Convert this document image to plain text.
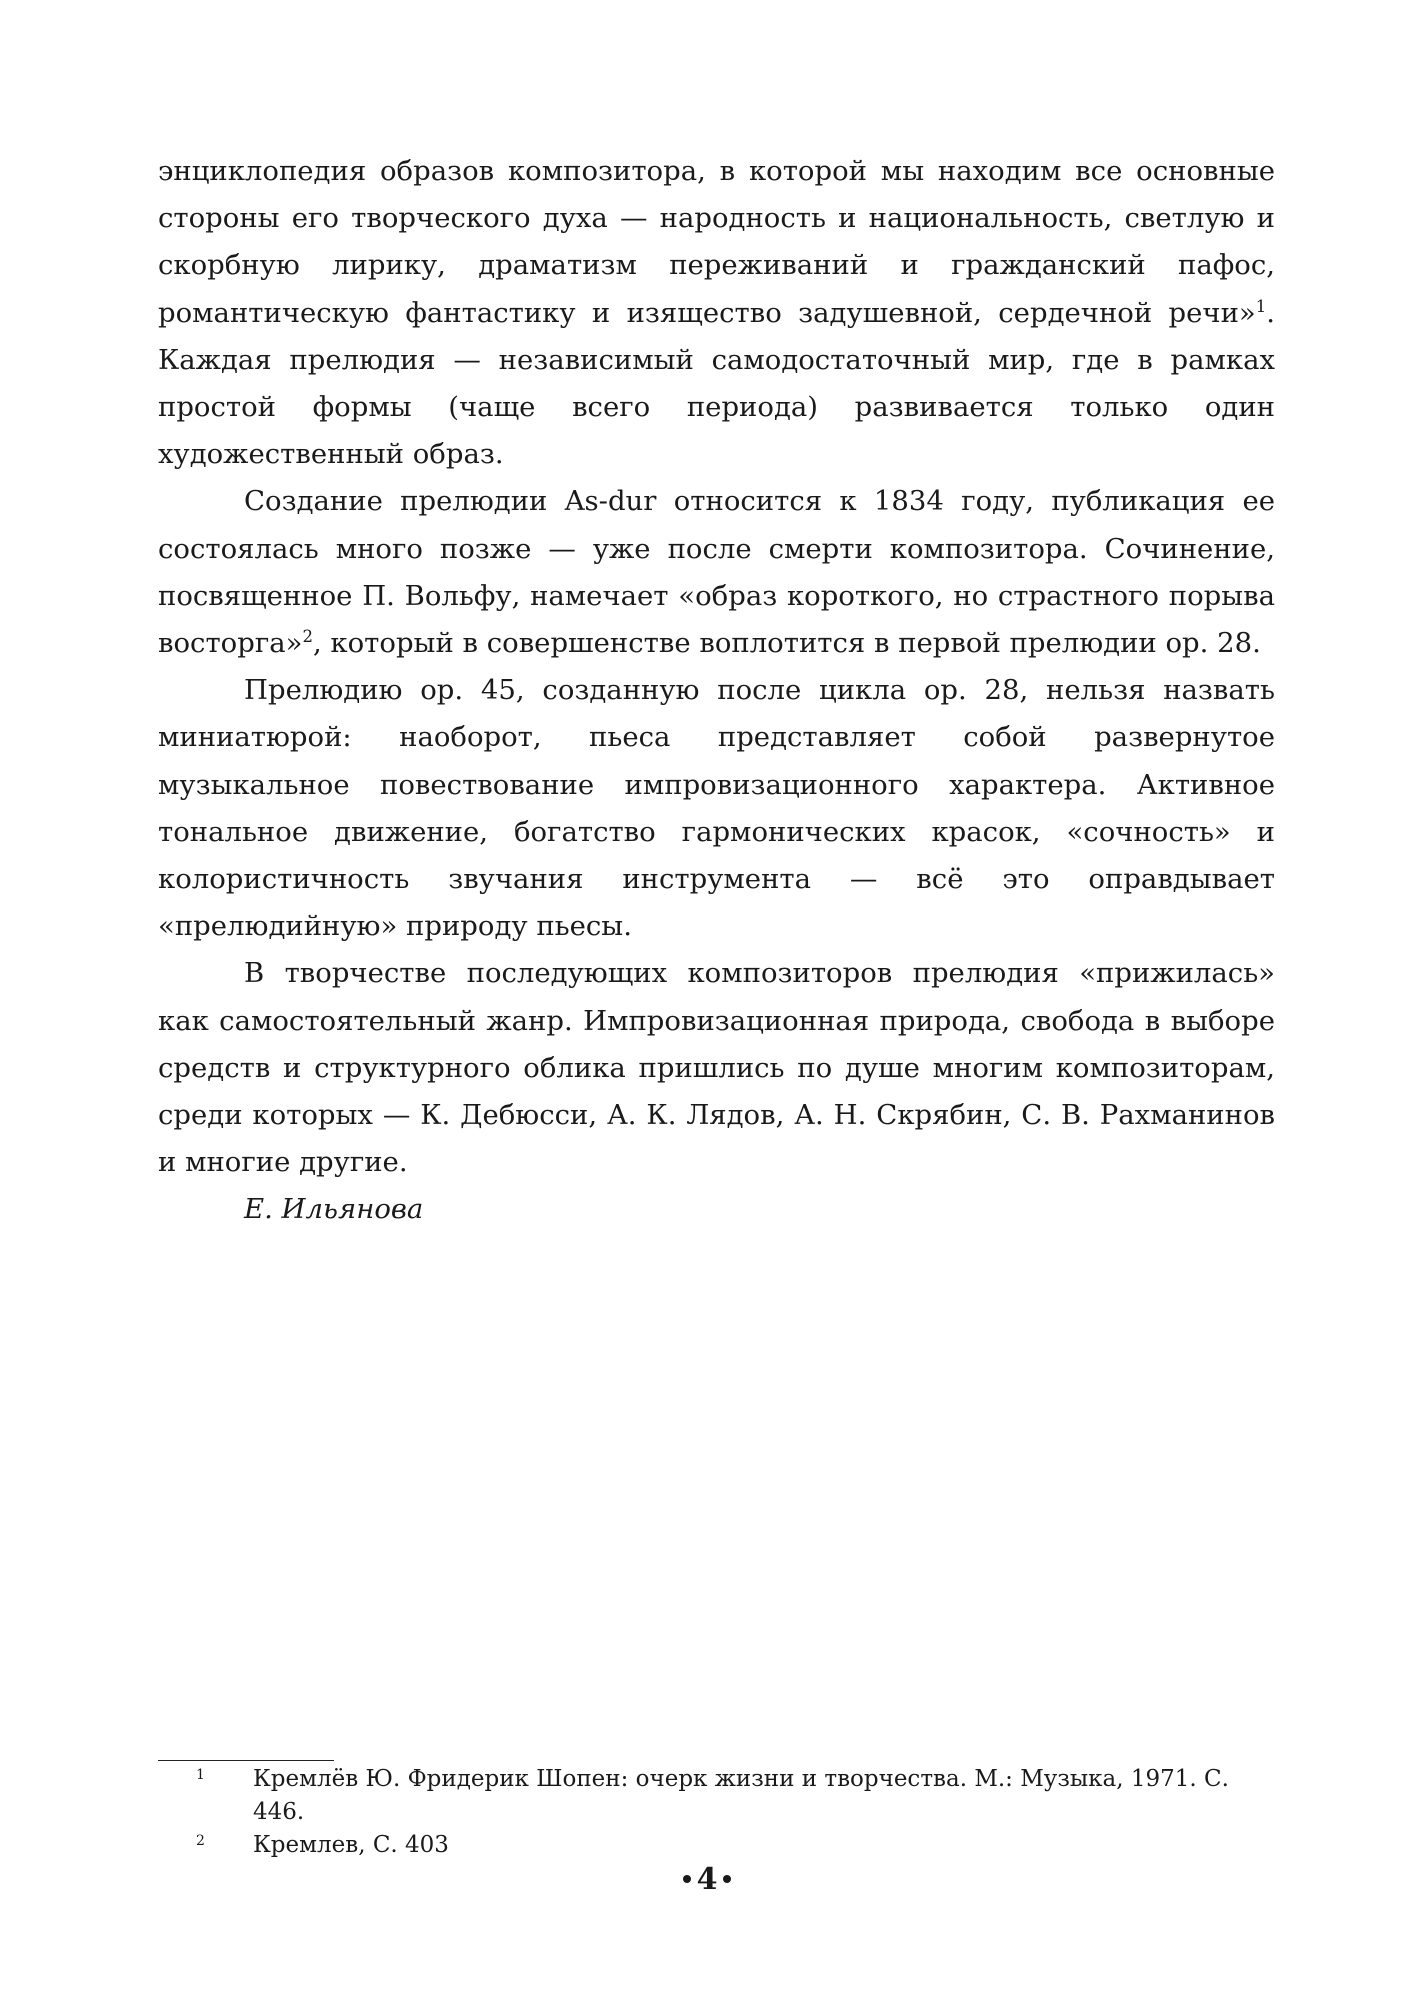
энциклопедия образов композитора, в которой мы находим все основные стороны его творческого духа — народность и национальность, светлую и скорбную лирику, драматизм переживаний и гражданский пафос, романтическую фантастику и изящество задушевной, сердечной речи»$^1$. Каждая прелюдия — независимый самодостаточный мир, где в рамках простой формы (чаще всего периода) развивается только один художественный образ.

Создание прелюдии As-dur относится к 1834 году, публикация ее состоялась много позже — уже после смерти композитора. Сочинение, посвященное П. Вольфу, намечает «образ короткого, но страстного порыва восторга»$^2$, который в совершенстве воплотится в первой прелюдии op. 28.

Прелюдию op. 45, созданную после цикла op. 28, нельзя назвать миниатюрой: наоборот, пьеса представляет собой развернутое музыкальное повествование импровизационного характера. Активное тональное движение, богатство гармонических красок, «сочность» и колористичность звучания инструмента — всё это оправдывает «прелюдийную» природу пьесы.

В творчестве последующих композиторов прелюдия «прижилась» как самостоятельный жанр. Импровизационная природа, свобода в выборе средств и структурного облика пришлись по душе многим композиторам, среди которых — К. Дебюсси, А. К. Лядов, А. Н. Скрябин, С. В. Рахманинов и многие другие.

Е. Ильянова

1	Кремлёв Ю. Фридерик Шопен: очерк жизни и творчества. М.: Музыка, 1971. С. 446.
2	Кремлев, С. 403
4
